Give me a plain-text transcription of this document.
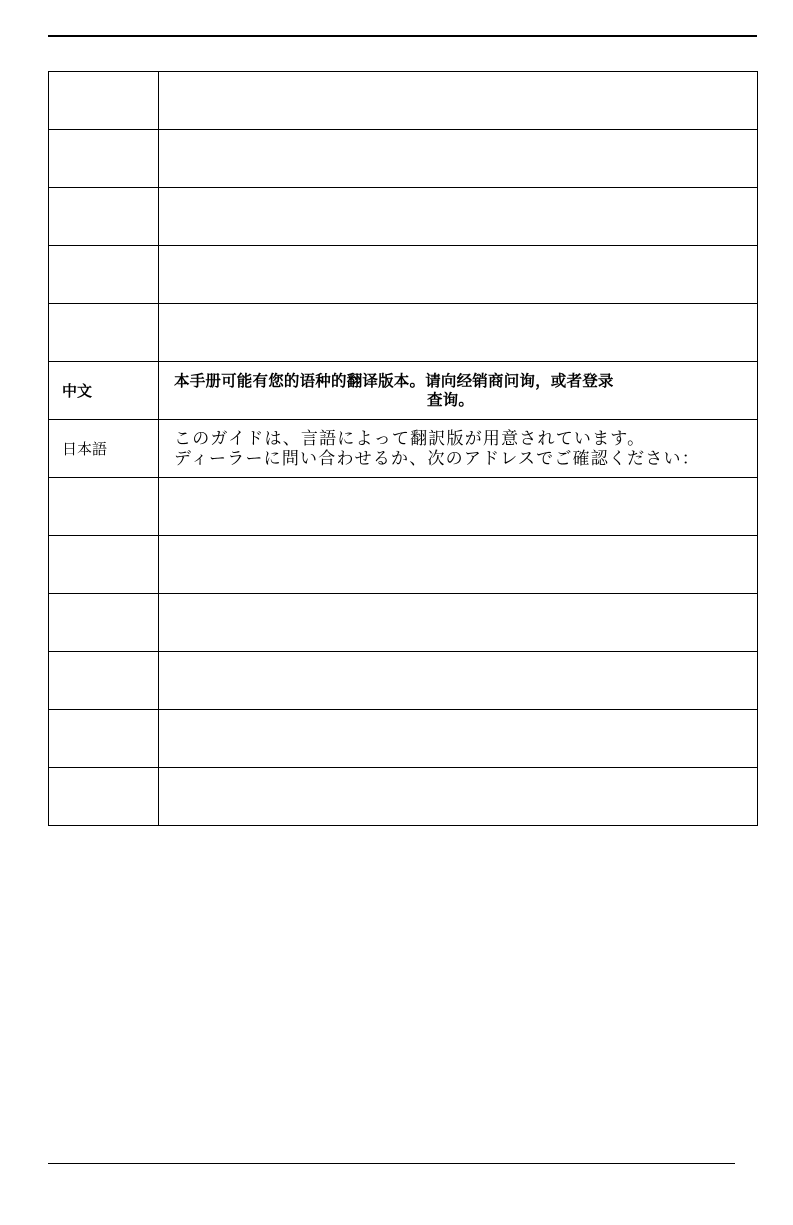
中文	本手册可能有您的语种的翻译版本。请向经销商问询，或者登录
查询。

日本語	このガイドは、言語によって翻訳版が用意されています。
ディーラーに問い合わせるか、次のアドレスでご確認ください：
